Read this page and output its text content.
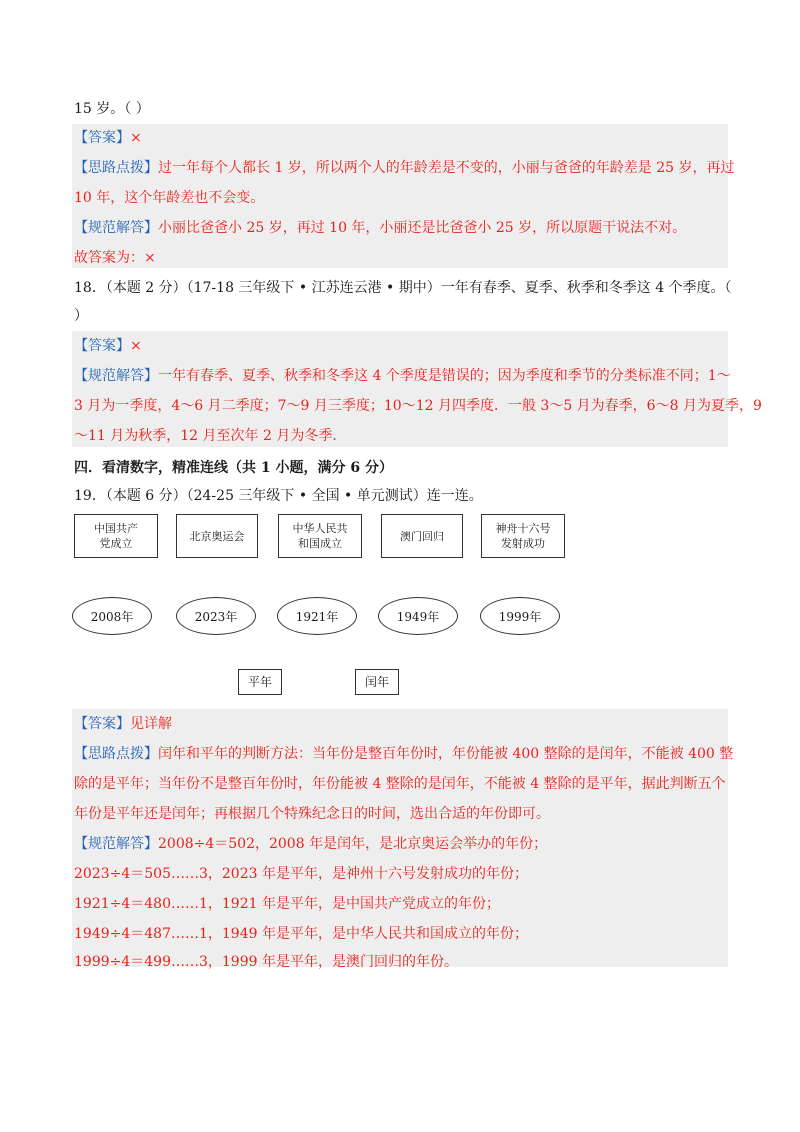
15 岁。（ ）
【答案】×
【思路点拨】过一年每个人都长 1 岁，所以两个人的年龄差是不变的，小丽与爸爸的年龄差是 25 岁，再过
10 年，这个年龄差也不会变。
【规范解答】小丽比爸爸小 25 岁，再过 10 年，小丽还是比爸爸小 25 岁，所以原题干说法不对。
故答案为：×
18．（本题 2 分）（17-18 三年级下 • 江苏连云港 • 期中）一年有春季、夏季、秋季和冬季这 4 个季度。（
）
【答案】×
【规范解答】一年有春季、夏季、秋季和冬季这 4 个季度是错误的；因为季度和季节的分类标准不同；1～
3 月为一季度，4～6 月二季度；7～9 月三季度；10～12 月四季度．一般 3～5 月为春季，6～8 月为夏季，9
～11 月为秋季，12 月至次年 2 月为冬季．
四．看清数字，精准连线（共 1 小题，满分 6 分）
19．（本题 6 分）（24-25 三年级下 • 全国 • 单元测试）连一连。
中国共产
党成立
北京奥运会
中华人民共
和国成立
澳门回归
神舟十六号
发射成功
2008年	2023年	1921年	1949年	1999年
平年	闰年
【答案】见详解
【思路点拨】闰年和平年的判断方法：当年份是整百年份时，年份能被 400 整除的是闰年，不能被 400 整
除的是平年；当年份不是整百年份时，年份能被 4 整除的是闰年，不能被 4 整除的是平年，据此判断五个
年份是平年还是闰年；再根据几个特殊纪念日的时间，选出合适的年份即可。
【规范解答】2008÷4＝502，2008 年是闰年，是北京奥运会举办的年份；
2023÷4＝505……3，2023 年是平年，是神州十六号发射成功的年份；
1921÷4＝480……1，1921 年是平年，是中国共产党成立的年份；
1949÷4＝487……1，1949 年是平年，是中华人民共和国成立的年份；
1999÷4＝499……3，1999 年是平年，是澳门回归的年份。
